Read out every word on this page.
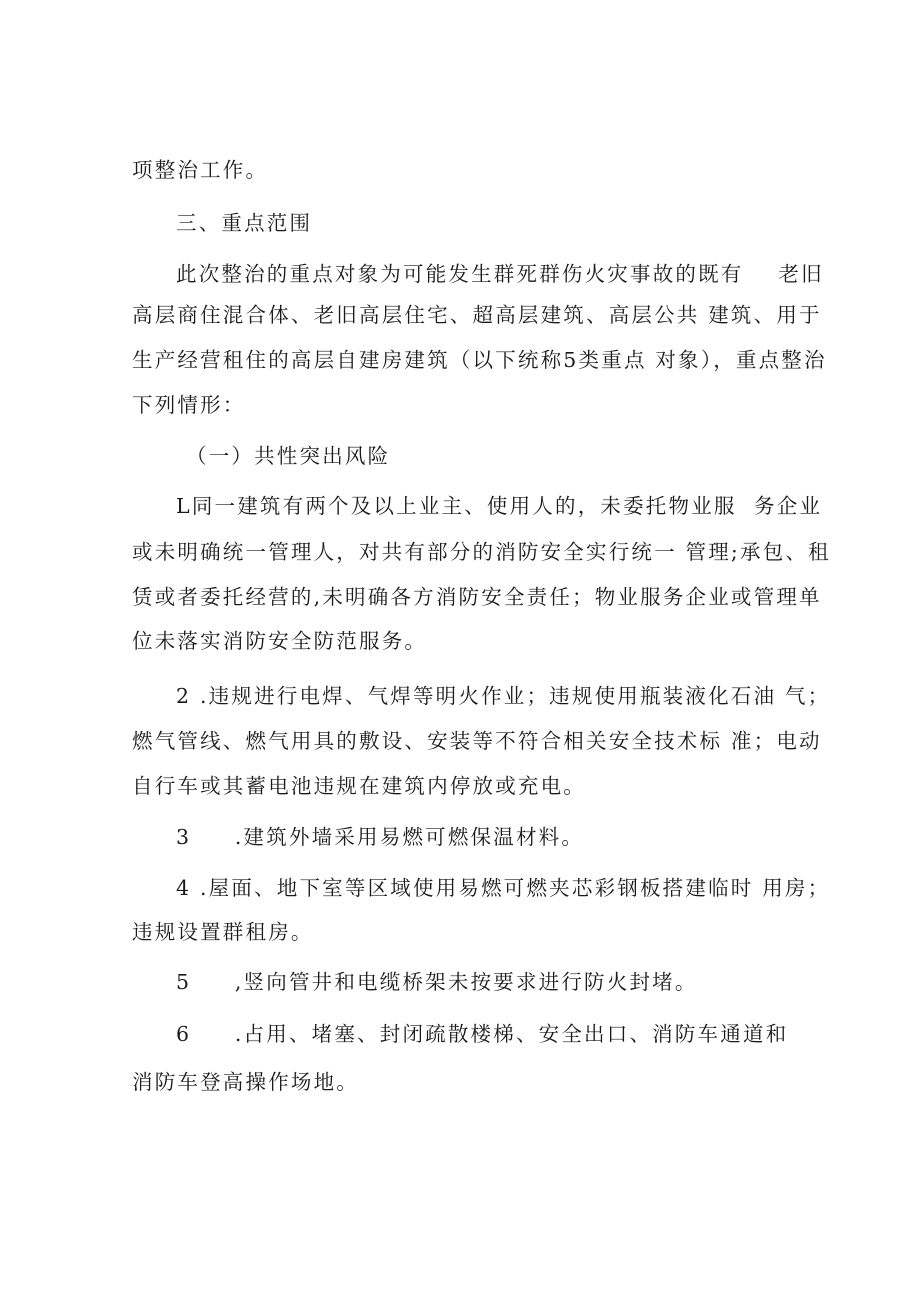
项整治工作。
三、重点范围
此次整治的重点对象为可能发生群死群伤火灾事故的既有    老旧
高层商住混合体、老旧高层住宅、超高层建筑、高层公共 建筑、用于
生产经营租住的高层自建房建筑（以下统称5类重点 对象），重点整治
下列情形：
（一）共性突出风险
L同一建筑有两个及以上业主、使用人的，未委托物业服  务企业
或未明确统一管理人，对共有部分的消防安全实行统一 管理;承包、租
赁或者委托经营的,未明确各方消防安全责任；物业服务企业或管理单
位未落实消防安全防范服务。
2 .违规进行电焊、气焊等明火作业；违规使用瓶装液化石油 气；
燃气管线、燃气用具的敷设、安装等不符合相关安全技术标 准；电动
自行车或其蓄电池违规在建筑内停放或充电。
3     .建筑外墙采用易燃可燃保温材料。
4 .屋面、地下室等区域使用易燃可燃夹芯彩钢板搭建临时 用房；
违规设置群租房。
5     ,竖向管井和电缆桥架未按要求进行防火封堵。
6     .占用、堵塞、封闭疏散楼梯、安全出口、消防车通道和
消防车登高操作场地。
